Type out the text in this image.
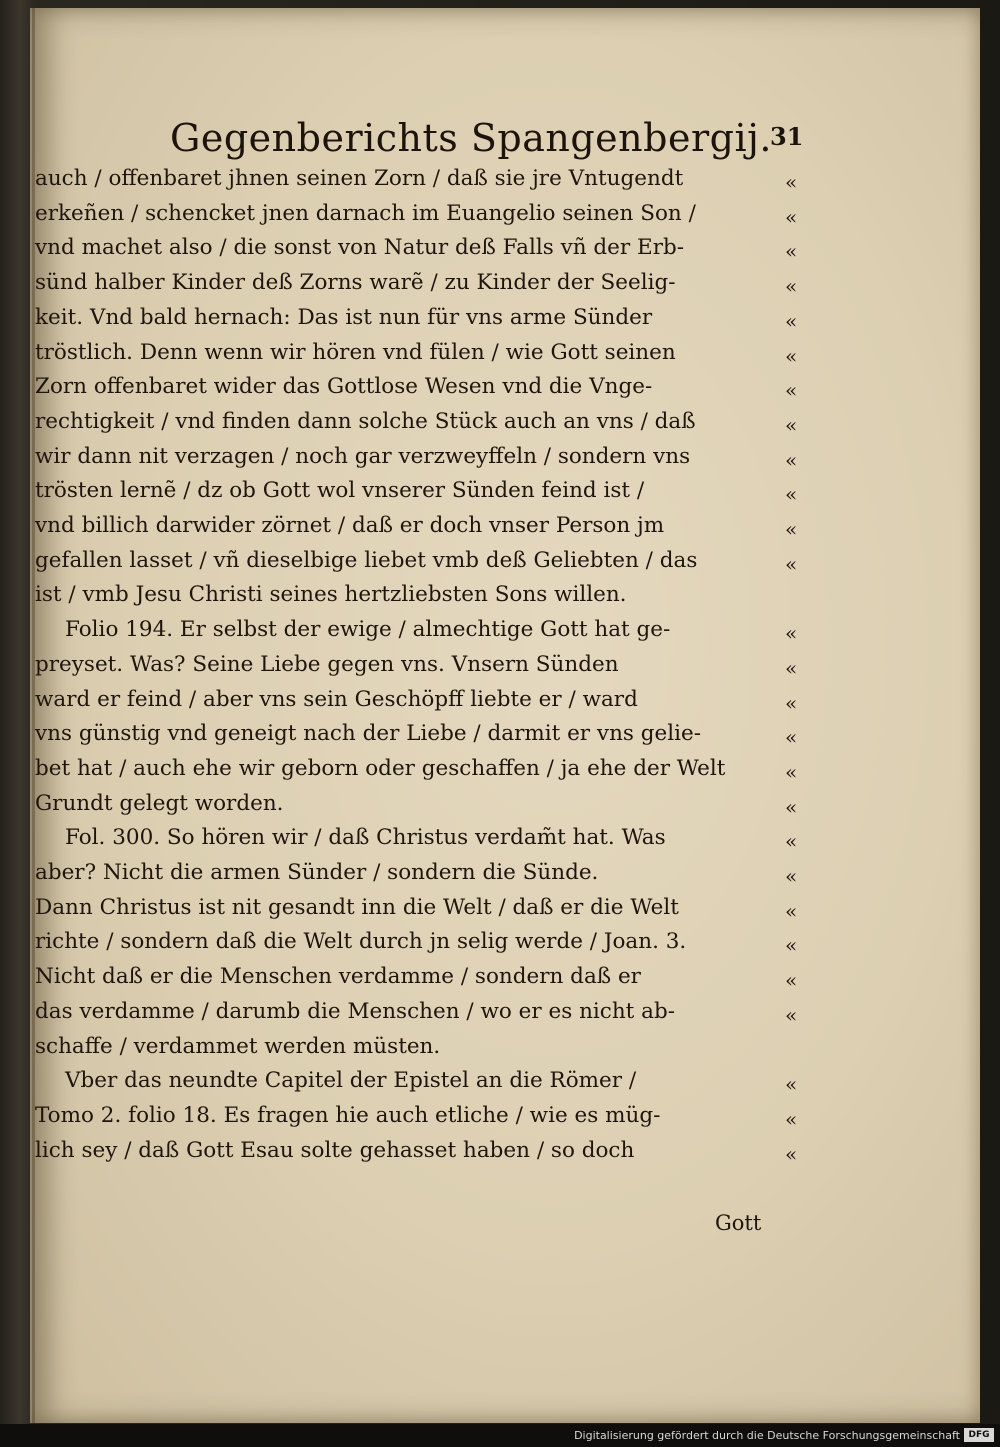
Gegenberichts Spangenbergij.
31
auch / offenbaret jhnen seinen Zorn / daß sie jre Vntugendt	«
erkeñen / schencket jnen darnach im Euangelio seinen Son /	«
vnd machet also / die sonst von Natur deß Falls vñ der Erb-	«
sünd halber Kinder deß Zorns warẽ / zu Kinder der Seelig-	«
keit. Vnd bald hernach: Das ist nun für vns arme Sünder	«
tröstlich. Denn wenn wir hören vnd fülen / wie Gott seinen	«
Zorn offenbaret wider das Gottlose Wesen vnd die Vnge-	«
rechtigkeit / vnd finden dann solche Stück auch an vns / daß	«
wir dann nit verzagen / noch gar verzweyffeln / sondern vns	«
trösten lernẽ / dz ob Gott wol vnserer Sünden feind ist /	«
vnd billich darwider zörnet / daß er doch vnser Person jm	«
gefallen lasset / vñ dieselbige liebet vmb deß Geliebten / das	«
ist / vmb Jesu Christi seines hertzliebsten Sons willen.
Folio 194. Er selbst der ewige / almechtige Gott hat ge-	«
preyset. Was? Seine Liebe gegen vns. Vnsern Sünden	«
ward er feind / aber vns sein Geschöpff liebte er / ward	«
vns günstig vnd geneigt nach der Liebe / darmit er vns gelie-	«
bet hat / auch ehe wir geborn oder geschaffen / ja ehe der Welt	«
Grundt gelegt worden.	«
Fol. 300. So hören wir / daß Christus verdam̃t hat. Was	«
aber? Nicht die armen Sünder / sondern die Sünde.	«
Dann Christus ist nit gesandt inn die Welt / daß er die Welt	«
richte / sondern daß die Welt durch jn selig werde / Joan. 3.	«
Nicht daß er die Menschen verdamme / sondern daß er	«
das verdamme / darumb die Menschen / wo er es nicht ab-	«
schaffe / verdammet werden müsten.
Vber das neundte Capitel der Epistel an die Römer /	«
Tomo 2. folio 18. Es fragen hie auch etliche / wie es müg-	«
lich sey / daß Gott Esau solte gehasset haben / so doch	«
Gott
Digitalisierung gefördert durch die Deutsche Forschungsgemeinschaft DFG
